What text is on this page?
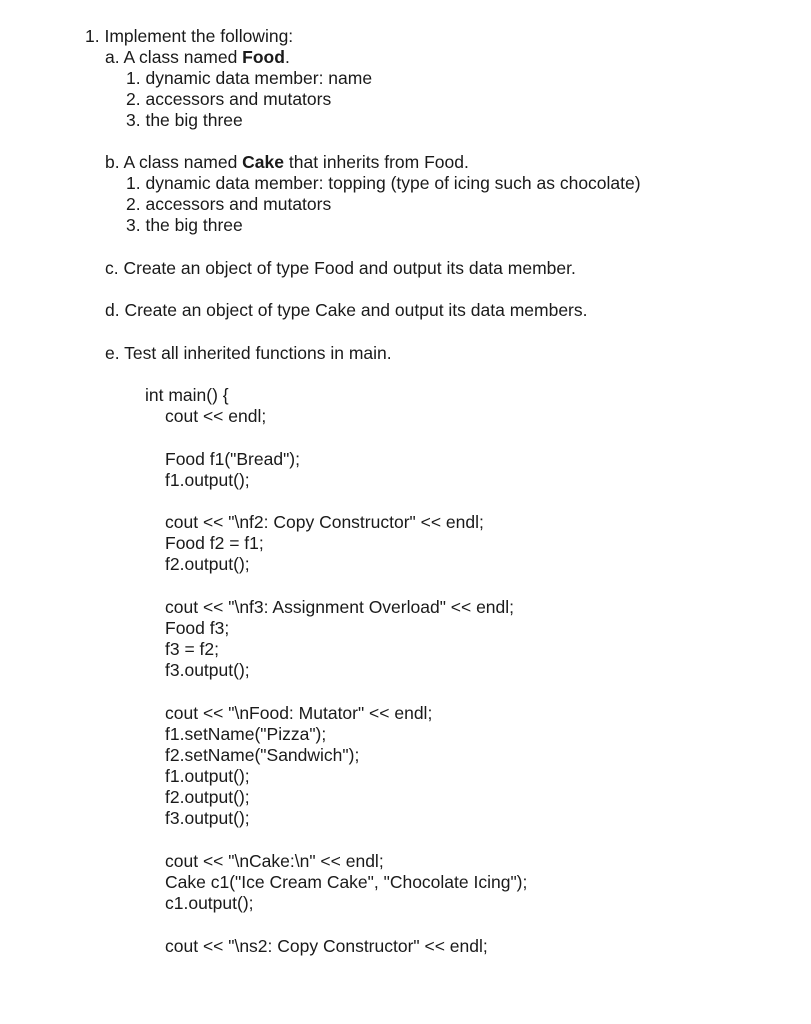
1. Implement the following:
a. A class named Food.
1. dynamic data member: name
2. accessors and mutators
3. the big three
b. A class named Cake that inherits from Food.
1. dynamic data member: topping (type of icing such as chocolate)
2. accessors and mutators
3. the big three
c. Create an object of type Food and output its data member.
d. Create an object of type Cake and output its data members.
e. Test all inherited functions in main.
int main() {
cout << endl;
Food f1("Bread");
f1.output();
cout << "\nf2: Copy Constructor" << endl;
Food f2 = f1;
f2.output();
cout << "\nf3: Assignment Overload" << endl;
Food f3;
f3 = f2;
f3.output();
cout << "\nFood: Mutator" << endl;
f1.setName("Pizza");
f2.setName("Sandwich");
f1.output();
f2.output();
f3.output();
cout << "\nCake:\n" << endl;
Cake c1("Ice Cream Cake", "Chocolate Icing");
c1.output();
cout << "\ns2: Copy Constructor" << endl;
